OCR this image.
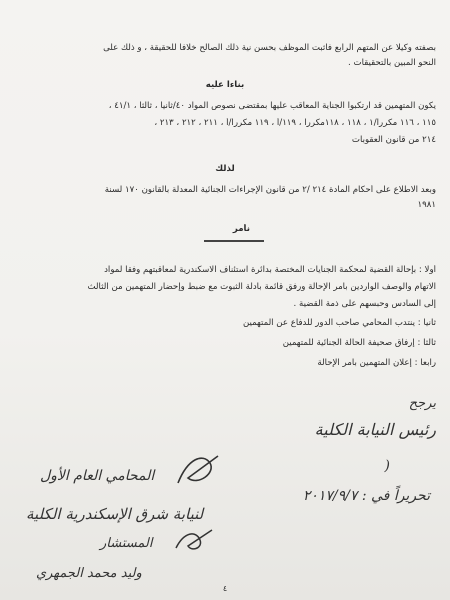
بصفته وكيلا عن المتهم الرابع فاثبت الموظف بحسن نية ذلك الصالح خلافا للحقيقة ، و ذلك على
النحو المبين بالتحقيقات .
بناءا عليه
يكون المتهمين قد ارتكبوا الجناية المعاقب عليها بمقتضى نصوص المواد ٤٠/ثانيا ، ثالثا ، ٤١/١ ،
١١٥ ، ١١٦ مكررا/١ ، ١١٨ ، ١١٨مكررا ، ١١٩/أ ، ١١٩ مكررا/أ ، ٢١١ ، ٢١٢ ، ٢١٣ ،
٢١٤ من قانون العقوبات
لذلك
وبعد الاطلاع على أحكام المادة ٢١٤ /٢ من قانون الإجراءات الجنائية المعدلة بالقانون ١٧٠ لسنة
١٩٨١
نأمر
أولا : بإحالة القضية لمحكمة الجنايات المختصة بدائرة استئناف الاسكندرية لمعاقبتهم وفقا لمواد
الاتهام والوصف الواردين بأمر الإحالة ورفق قائمة بأدلة الثبوت مع ضبط وإحضار المتهمين من الثالث
إلى السادس وحبسهم على ذمة القضية .
ثانيا : ينتدب المحامي صاحب الدور للدفاع عن المتهمين
ثالثا : إرفاق صحيفة الحالة الجنائية للمتهمين
رابعا : إعلان المتهمين بأمر الإحالة
يرجح
رئيس النيابة الكلية
(
تحريراً في : ٢٠١٧/٩/٧
المحامي العام الأول
لنيابة شرق الإسكندرية الكلية
المستشار
وليد محمد الجمهري
٤
